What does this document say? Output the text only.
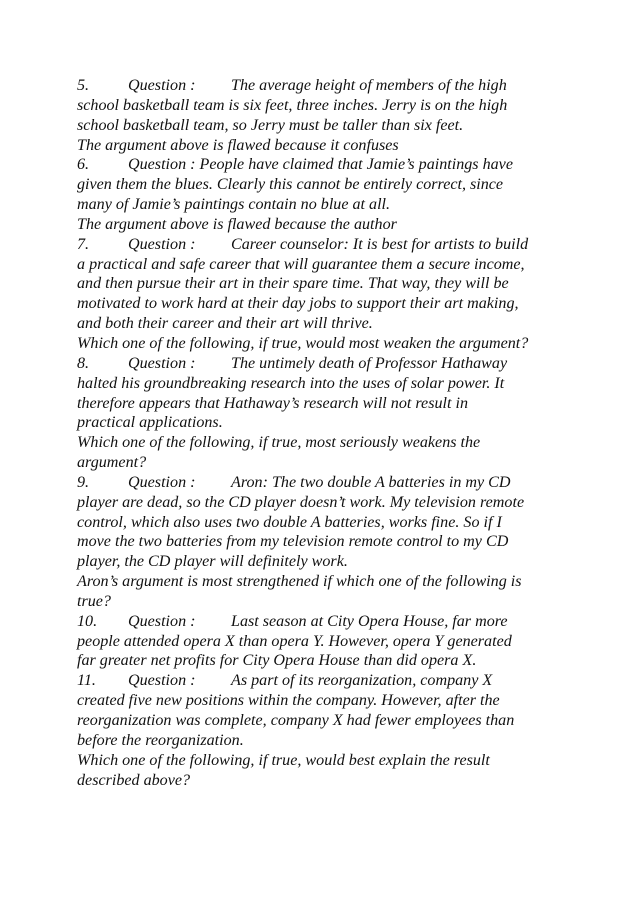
5. Question : The average height of members of the high
school basketball team is six feet, three inches. Jerry is on the high
school basketball team, so Jerry must be taller than six feet.
The argument above is flawed because it confuses
6. Question : People have claimed that Jamie’s paintings have
given them the blues. Clearly this cannot be entirely correct, since
many of Jamie’s paintings contain no blue at all.
The argument above is flawed because the author
7. Question : Career counselor: It is best for artists to build
a practical and safe career that will guarantee them a secure income,
and then pursue their art in their spare time. That way, they will be
motivated to work hard at their day jobs to support their art making,
and both their career and their art will thrive.
Which one of the following, if true, would most weaken the argument?
8. Question : The untimely death of Professor Hathaway
halted his groundbreaking research into the uses of solar power. It
therefore appears that Hathaway’s research will not result in
practical applications.
Which one of the following, if true, most seriously weakens the
argument?
9. Question : Aron: The two double A batteries in my CD
player are dead, so the CD player doesn’t work. My television remote
control, which also uses two double A batteries, works fine. So if I
move the two batteries from my television remote control to my CD
player, the CD player will definitely work.
Aron’s argument is most strengthened if which one of the following is
true?
10. Question : Last season at City Opera House, far more
people attended opera X than opera Y. However, opera Y generated
far greater net profits for City Opera House than did opera X.
11. Question : As part of its reorganization, company X
created five new positions within the company. However, after the
reorganization was complete, company X had fewer employees than
before the reorganization.
Which one of the following, if true, would best explain the result
described above?
